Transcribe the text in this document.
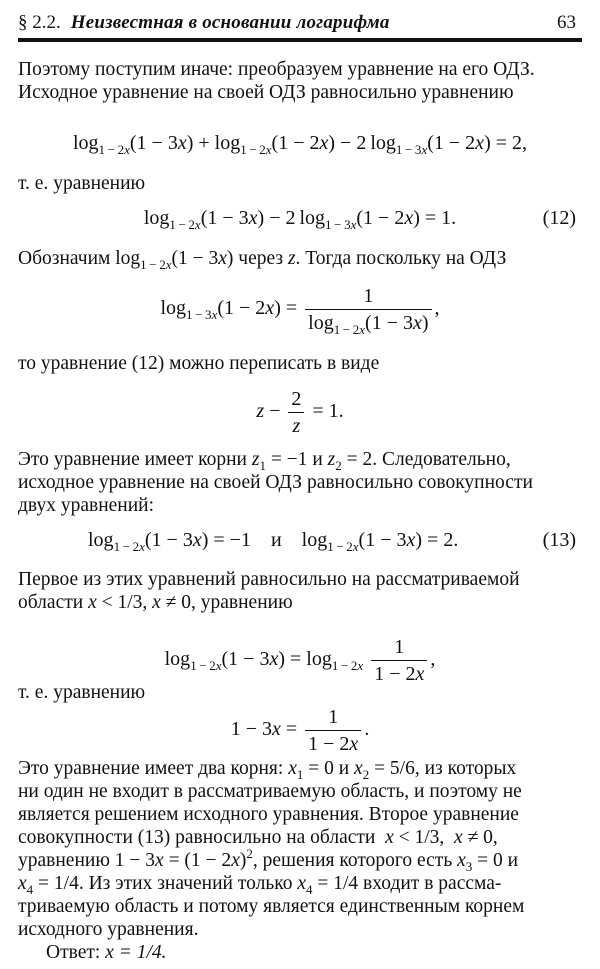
§ 2.2. Неизвестная в основании логарифма	63
Поэтому поступим иначе: преобразуем уравнение на его ОДЗ.
Исходное уравнение на своей ОДЗ равносильно уравнению
$\log_{1 - 2x}(1 - 3x) + \log_{1 - 2x}(1 - 2x) - 2$ $\log_{1 - 3x}(1 - 2x) = 2$,
т. е. уравнению
$\log_{1 - 2x}(1 - 3x) - 2$ $\log_{1 - 3x}(1 - 2x) = 1$.	(12)
Обозначим $\log_{1 - 2x}(1 - 3x)$ через z. Тогда поскольку на ОДЗ
$\log_{1 - 3x}(1 - 2x) = \frac{1}{\log_{1 - 2x}(1 - 3x)}$ ,
то уравнение (12) можно переписать в виде
$z - \frac{2}{z} = 1$.
Это уравнение имеет корни $z_1 = -1$ и $z_2 = 2$. Следовательно,
исходное уравнение на своей ОДЗ равносильно совокупности
двух уравнений:
$\log_{1 - 2x}(1 - 3x) = -1$    и    $\log_{1 - 2x}(1 - 3x) = 2$.	(13)
Первое из этих уравнений равносильно на рассматриваемой
области x < 1/3, x ≠ 0, уравнению
$\log_{1 - 2x}(1 - 3x) = \log_{1 - 2x} \frac{1}{1 - 2x}$ ,
т. е. уравнению
$1 - 3x = \frac{1}{1 - 2x}$ .
Это уравнение имеет два корня: $x_1 = 0$ и $x_2 = 5/6$, из которых
ни один не входит в рассматриваемую область, и поэтому не
является решением исходного уравнения. Второе уравнение
совокупности (13) равносильно на области x < 1/3,  x ≠ 0,
уравнению $1 - 3x = (1 - 2x)^2$, решения которого есть $x_3 = 0$ и
$x_4 = 1/4$. Из этих значений только $x_4 = 1/4$ входит в рассма-
триваемую область и потому является единственным корнем
исходного уравнения.
Ответ: x = 1/4.
